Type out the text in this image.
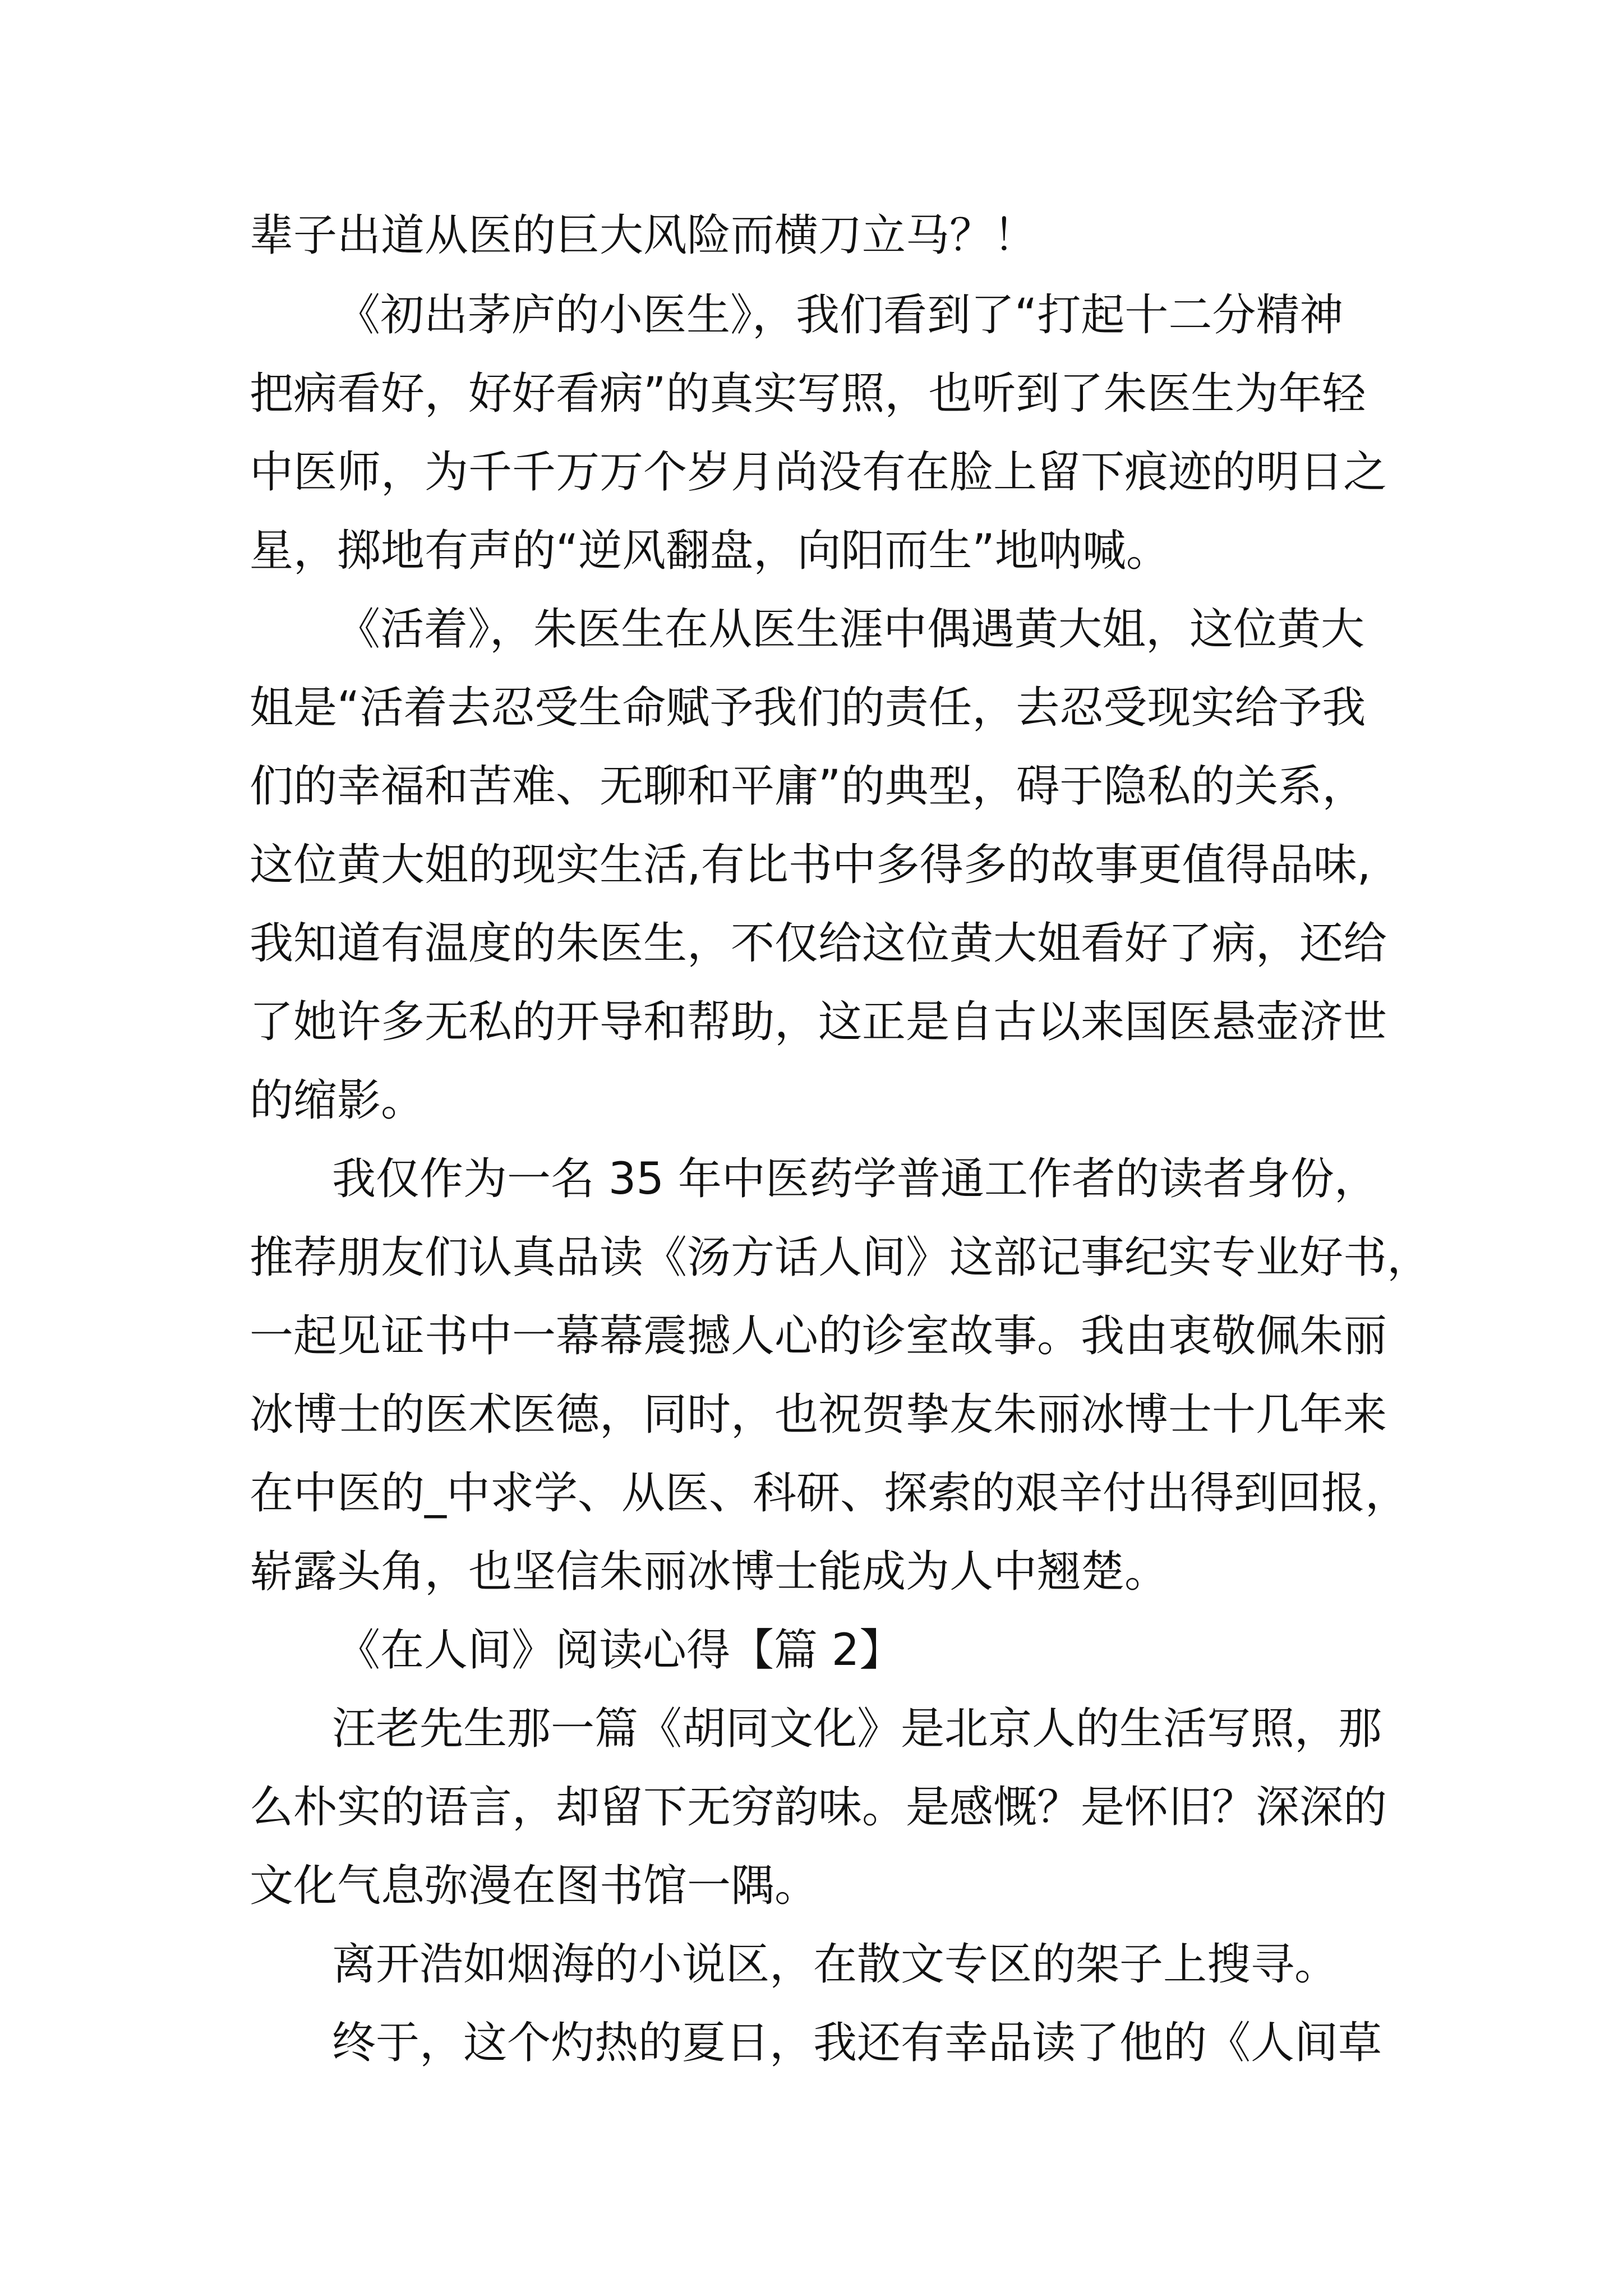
辈子出道从医的巨大风险而横刀立马？！
《初出茅庐的小医生》，我们看到了“打起十二分精神
把病看好，好好看病”的真实写照，也听到了朱医生为年轻
中医师，为千千万万个岁月尚没有在脸上留下痕迹的明日之
星，掷地有声的“逆风翻盘，向阳而生”地呐喊。
《活着》，朱医生在从医生涯中偶遇黄大姐，这位黄大
姐是“活着去忍受生命赋予我们的责任，去忍受现实给予我
们的幸福和苦难、无聊和平庸”的典型，碍于隐私的关系，
这位黄大姐的现实生活,有比书中多得多的故事更值得品味,
我知道有温度的朱医生，不仅给这位黄大姐看好了病，还给
了她许多无私的开导和帮助，这正是自古以来国医悬壶济世
的缩影。
我仅作为一名 35 年中医药学普通工作者的读者身份，
推荐朋友们认真品读《汤方话人间》这部记事纪实专业好书，
一起见证书中一幕幕震撼人心的诊室故事。我由衷敬佩朱丽
冰博士的医术医德，同时，也祝贺挚友朱丽冰博士十几年来
在中医的_中求学、从医、科研、探索的艰辛付出得到回报，
崭露头角，也坚信朱丽冰博士能成为人中翘楚。
《在人间》阅读心得【篇 2】
汪老先生那一篇《胡同文化》是北京人的生活写照，那
么朴实的语言，却留下无穷韵味。是感慨？是怀旧？深深的
文化气息弥漫在图书馆一隅。
离开浩如烟海的小说区，在散文专区的架子上搜寻。
终于，这个灼热的夏日，我还有幸品读了他的《人间草
